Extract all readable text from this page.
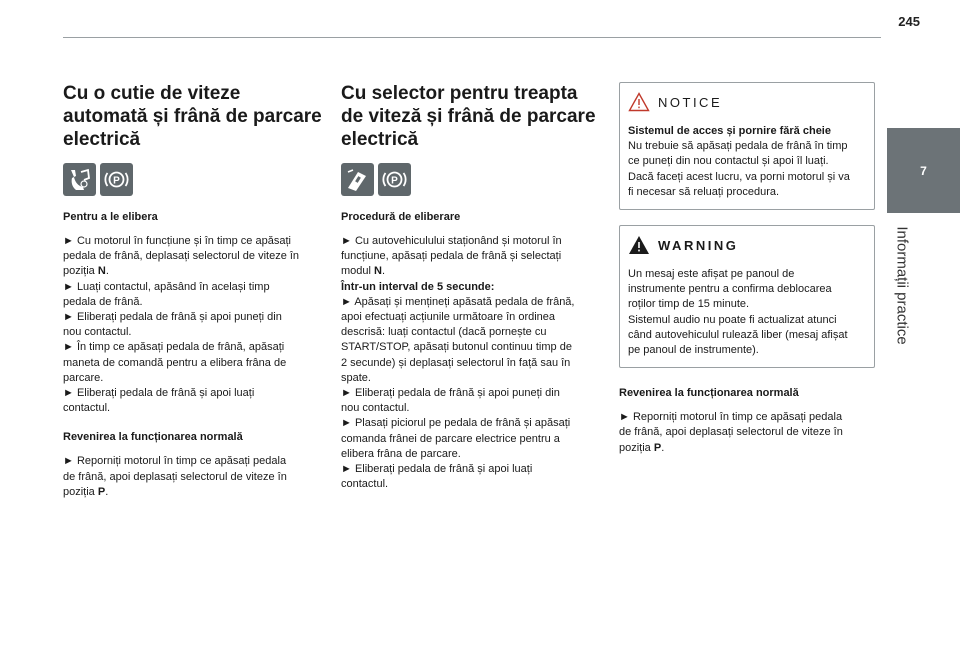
245
7
Informații practice
Cu o cutie de viteze
automată și frână de parcare
electrică
P
Pentru a le elibera
► Cu motorul în funcțiune și în timp ce apăsați
pedala de frână, deplasați selectorul de viteze în
poziția N.
► Luați contactul, apăsând în același timp
pedala de frână.
► Eliberați pedala de frână și apoi puneți din
nou contactul.
► În timp ce apăsați pedala de frână, apăsați
maneta de comandă pentru a elibera frâna de
parcare.
► Eliberați pedala de frână și apoi luați
contactul.
Revenirea la funcționarea normală
► Reporniți motorul în timp ce apăsați pedala
de frână, apoi deplasați selectorul de viteze în
poziția P.
Cu selector pentru treapta
de viteză și frână de parcare
electrică
P
Procedură de eliberare
► Cu autovehiculului staționând și motorul în
funcțiune, apăsați pedala de frână și selectați
modul N.
Într-un interval de 5 secunde:
► Apăsați și mențineți apăsată pedala de frână,
apoi efectuați acțiunile următoare în ordinea
descrisă: luați contactul (dacă pornește cu
START/STOP, apăsați butonul continuu timp de
2 secunde) și deplasați selectorul în față sau în
spate.
► Eliberați pedala de frână și apoi puneți din
nou contactul.
► Plasați piciorul pe pedala de frână și apăsați
comanda frânei de parcare electrice pentru a
elibera frâna de parcare.
► Eliberați pedala de frână și apoi luați
contactul.
NOTICE
Sistemul de acces și pornire fără cheie
Nu trebuie să apăsați pedala de frână în timp
ce puneți din nou contactul și apoi îl luați.
Dacă faceți acest lucru, va porni motorul și va
fi necesar să reluați procedura.
WARNING
Un mesaj este afișat pe panoul de
instrumente pentru a confirma deblocarea
roților timp de 15 minute.
Sistemul audio nu poate fi actualizat atunci
când autovehiculul rulează liber (mesaj afișat
pe panoul de instrumente).
Revenirea la funcționarea normală
► Reporniți motorul în timp ce apăsați pedala
de frână, apoi deplasați selectorul de viteze în
poziția P.
